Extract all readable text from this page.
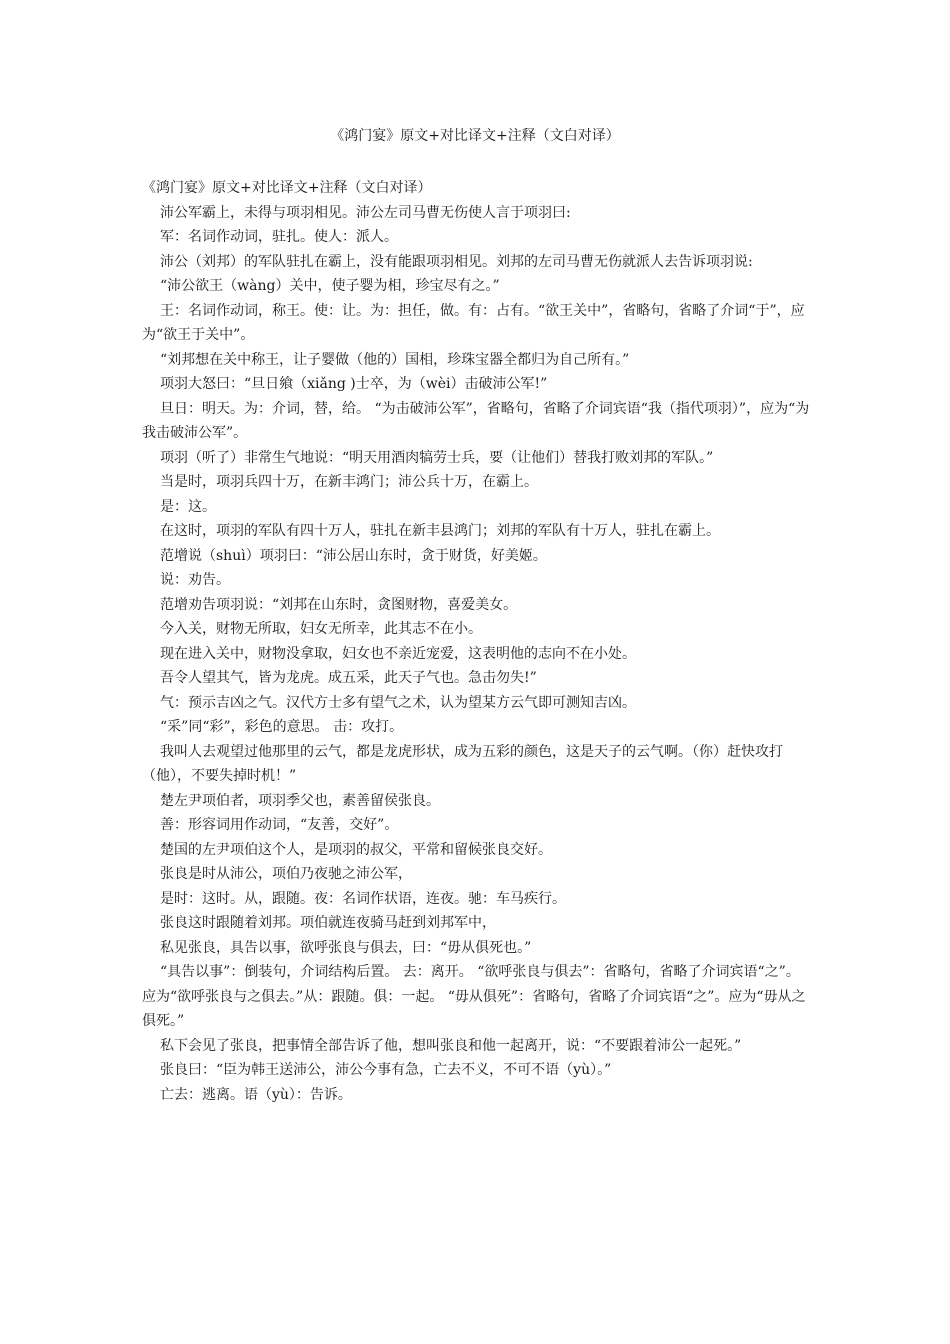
《鸿门宴》原文+对比译文+注释（文白对译）

《鸿门宴》原文+对比译文+注释（文白对译）

沛公军霸上，未得与项羽相见。沛公左司马曹无伤使人言于项羽曰:

军：名词作动词，驻扎。使人：派人。

沛公（刘邦）的军队驻扎在霸上，没有能跟项羽相见。刘邦的左司马曹无伤就派人去告诉项羽说:

“沛公欲王（wàng）关中，使子婴为相，珍宝尽有之。”

王：名词作动词，称王。使：让。为：担任，做。有：占有。“欲王关中”，省略句，省略了介词“于”，应为“欲王于关中”。

“刘邦想在关中称王，让子婴做（他的）国相，珍珠宝器全都归为自己所有。”

项羽大怒曰：“旦日飨（xiǎng )士卒，为（wèi）击破沛公军!”

旦日：明天。为：介词，替，给。 “为击破沛公军”，省略句，省略了介词宾语“我（指代项羽）”，应为“为我击破沛公军”。

项羽（听了）非常生气地说：“明天用酒肉犒劳士兵，要（让他们）替我打败刘邦的军队。”

当是时，项羽兵四十万，在新丰鸿门；沛公兵十万，在霸上。

是：这。

在这时，项羽的军队有四十万人，驻扎在新丰县鸿门；刘邦的军队有十万人，驻扎在霸上。

范增说（shuì）项羽曰：“沛公居山东时，贪于财货，好美姬。

说：劝告。

范增劝告项羽说：“刘邦在山东时，贪图财物，喜爱美女。

今入关，财物无所取，妇女无所幸，此其志不在小。

现在进入关中，财物没拿取，妇女也不亲近宠爱，这表明他的志向不在小处。

吾令人望其气，皆为龙虎。成五采，此天子气也。急击勿失!”

气：预示吉凶之气。汉代方士多有望气之术，认为望某方云气即可测知吉凶。

“采”同“彩”，彩色的意思。 击：攻打。

我叫人去观望过他那里的云气，都是龙虎形状，成为五彩的颜色，这是天子的云气啊。（你）赶快攻打（他），不要失掉时机！”

楚左尹项伯者，项羽季父也，素善留侯张良。

善：形容词用作动词，“友善，交好”。

楚国的左尹项伯这个人，是项羽的叔父，平常和留候张良交好。

张良是时从沛公，项伯乃夜驰之沛公军，

是时：这时。从，跟随。夜：名词作状语，连夜。驰：车马疾行。

张良这时跟随着刘邦。项伯就连夜骑马赶到刘邦军中，

私见张良，具告以事，欲呼张良与俱去，曰：“毋从俱死也。”

“具告以事”：倒装句，介词结构后置。 去：离开。 “欲呼张良与俱去”：省略句，省略了介词宾语“之”。应为“欲呼张良与之俱去。”从：跟随。俱：一起。 “毋从俱死”：省略句，省略了介词宾语“之”。应为“毋从之俱死。”

私下会见了张良，把事情全部告诉了他，想叫张良和他一起离开，说：“不要跟着沛公一起死。”

张良曰：“臣为韩王送沛公，沛公今事有急，亡去不义，不可不语（yù）。”

亡去：逃离。语（yù）：告诉。
